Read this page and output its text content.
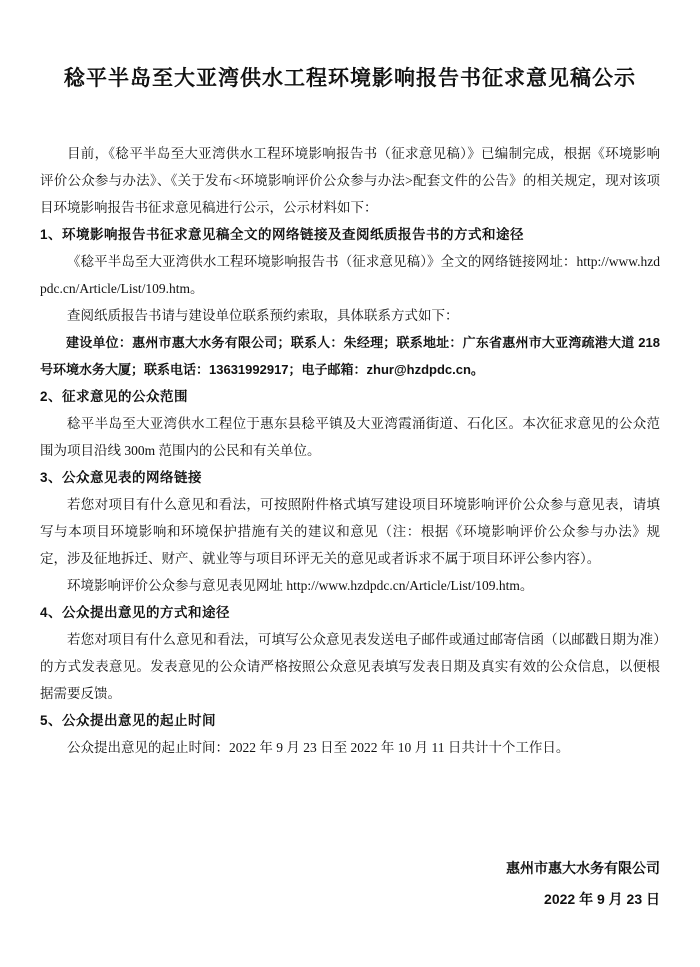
稔平半岛至大亚湾供水工程环境影响报告书征求意见稿公示

目前，《稔平半岛至大亚湾供水工程环境影响报告书（征求意见稿）》已编制完成，根据《环境影响评价公众参与办法》、《关于发布<环境影响评价公众参与办法>配套文件的公告》的相关规定，现对该项目环境影响报告书征求意见稿进行公示，公示材料如下：

1、环境影响报告书征求意见稿全文的网络链接及查阅纸质报告书的方式和途径

《稔平半岛至大亚湾供水工程环境影响报告书（征求意见稿）》全文的网络链接网址：http://www.hzdpdc.cn/Article/List/109.htm。

查阅纸质报告书请与建设单位联系预约索取，具体联系方式如下：

建设单位：惠州市惠大水务有限公司；联系人：朱经理；联系地址：广东省惠州市大亚湾疏港大道 218 号环境水务大厦；联系电话：13631992917；电子邮箱：zhur@hzdpdc.cn。

2、征求意见的公众范围

稔平半岛至大亚湾供水工程位于惠东县稔平镇及大亚湾霞涌街道、石化区。本次征求意见的公众范围为项目沿线 300m 范围内的公民和有关单位。

3、公众意见表的网络链接

若您对项目有什么意见和看法，可按照附件格式填写建设项目环境影响评价公众参与意见表，请填写与本项目环境影响和环境保护措施有关的建议和意见（注：根据《环境影响评价公众参与办法》规定，涉及征地拆迁、财产、就业等与项目环评无关的意见或者诉求不属于项目环评公参内容）。

环境影响评价公众参与意见表见网址 http://www.hzdpdc.cn/Article/List/109.htm。

4、公众提出意见的方式和途径

若您对项目有什么意见和看法，可填写公众意见表发送电子邮件或通过邮寄信函（以邮戳日期为准）的方式发表意见。发表意见的公众请严格按照公众意见表填写发表日期及真实有效的公众信息，以便根据需要反馈。

5、公众提出意见的起止时间

公众提出意见的起止时间：2022 年 9 月 23 日至 2022 年 10 月 11 日共计十个工作日。

惠州市惠大水务有限公司

2022 年 9 月 23 日
